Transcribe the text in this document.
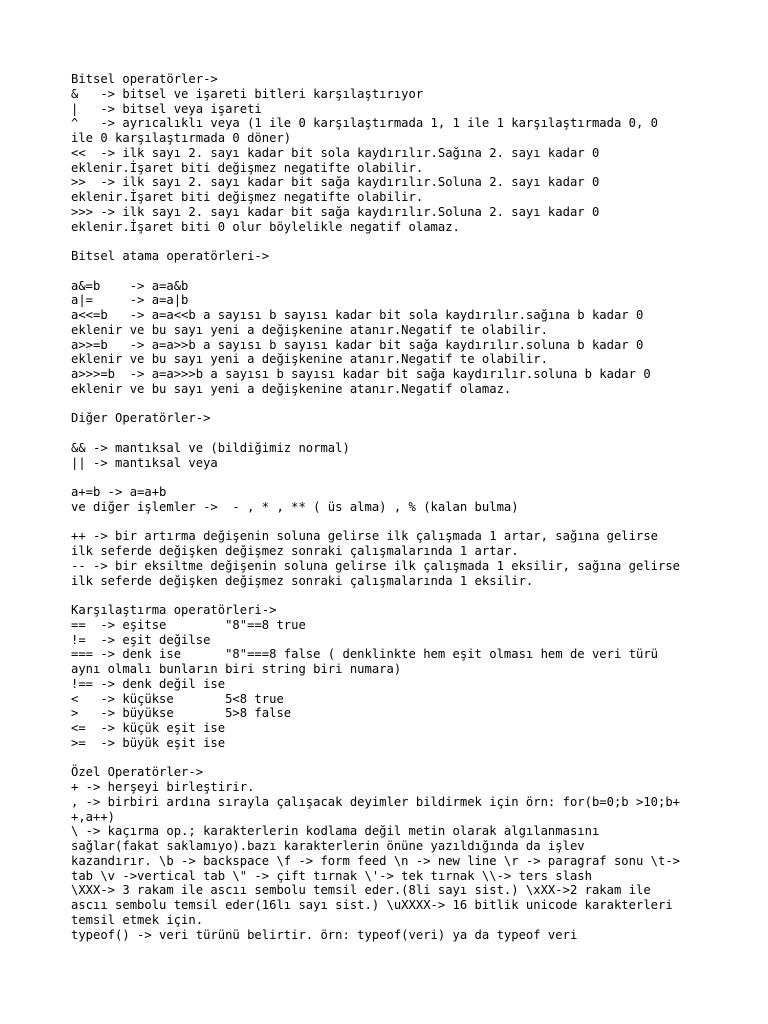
Bitsel operatörler->
&   -> bitsel ve işareti bitleri karşılaştırıyor
|   -> bitsel veya işareti
^   -> ayrıcalıklı veya (1 ile 0 karşılaştırmada 1, 1 ile 1 karşılaştırmada 0, 0
ile 0 karşılaştırmada 0 döner)
<<  -> ilk sayı 2. sayı kadar bit sola kaydırılır.Sağına 2. sayı kadar 0
eklenir.İşaret biti değişmez negatifte olabilir.
>>  -> ilk sayı 2. sayı kadar bit sağa kaydırılır.Soluna 2. sayı kadar 0
eklenir.İşaret biti değişmez negatifte olabilir.
>>> -> ilk sayı 2. sayı kadar bit sağa kaydırılır.Soluna 2. sayı kadar 0
eklenir.İşaret biti 0 olur böylelikle negatif olamaz.
Bitsel atama operatörleri->
a&=b    -> a=a&b
a|=     -> a=a|b
a<<=b   -> a=a<<b a sayısı b sayısı kadar bit sola kaydırılır.sağına b kadar 0
eklenir ve bu sayı yeni a değişkenine atanır.Negatif te olabilir.
a>>=b   -> a=a>>b a sayısı b sayısı kadar bit sağa kaydırılır.soluna b kadar 0
eklenir ve bu sayı yeni a değişkenine atanır.Negatif te olabilir.
a>>>=b  -> a=a>>>b a sayısı b sayısı kadar bit sağa kaydırılır.soluna b kadar 0
eklenir ve bu sayı yeni a değişkenine atanır.Negatif olamaz.
Diğer Operatörler->
&& -> mantıksal ve (bildiğimiz normal)
|| -> mantıksal veya
a+=b -> a=a+b
ve diğer işlemler ->  - , * , ** ( üs alma) , % (kalan bulma)
++ -> bir artırma değişenin soluna gelirse ilk çalışmada 1 artar, sağına gelirse
ilk seferde değişken değişmez sonraki çalışmalarında 1 artar.
-- -> bir eksiltme değişenin soluna gelirse ilk çalışmada 1 eksilir, sağına gelirse
ilk seferde değişken değişmez sonraki çalışmalarında 1 eksilir.
Karşılaştırma operatörleri->
==  -> eşitse        "8"==8 true
!=  -> eşit değilse
=== -> denk ise      "8"===8 false ( denklinkte hem eşit olması hem de veri türü
aynı olmalı bunların biri string biri numara)
!== -> denk değil ise
<   -> küçükse       5<8 true
>   -> büyükse       5>8 false
<=  -> küçük eşit ise
>=  -> büyük eşit ise
Özel Operatörler->
+ -> herşeyi birleştirir.
, -> birbiri ardına sırayla çalışacak deyimler bildirmek için örn: for(b=0;b >10;b+
+,a++)
\ -> kaçırma op.; karakterlerin kodlama değil metin olarak algılanmasını
sağlar(fakat saklamıyo).bazı karakterlerin önüne yazıldığında da işlev
kazandırır. \b -> backspace \f -> form feed \n -> new line \r -> paragraf sonu \t->
tab \v ->vertical tab \" -> çift tırnak \'-> tek tırnak \\-> ters slash
\XXX-> 3 rakam ile ascıı sembolu temsil eder.(8li sayı sist.) \xXX->2 rakam ile
ascıı sembolu temsil eder(16lı sayı sist.) \uXXXX-> 16 bitlik unicode karakterleri
temsil etmek için.
typeof() -> veri türünü belirtir. örn: typeof(veri) ya da typeof veri
